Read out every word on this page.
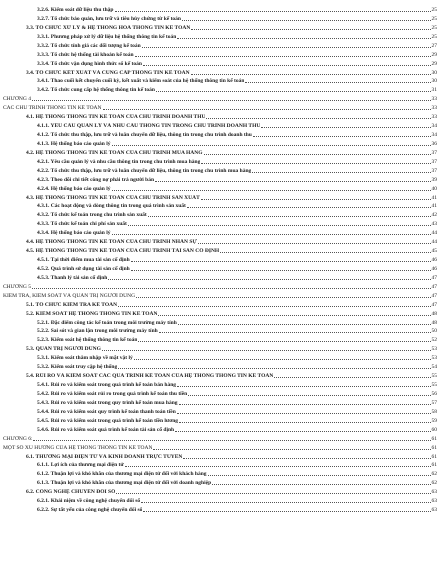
3.2.6. Kiểm soát dữ liệu thu thập	25
3.2.7. Tổ chức bảo quản, lưu trữ và tiêu hủy chứng từ kế toán	25
3.3. TỔ CHỨC XỬ LÝ & HỆ THỐNG HOÁ THÔNG TIN KẾ TOÁN	25
3.3.1. Phương pháp xử lý dữ liệu hệ thống thông tin kế toán	25
3.3.2. Tổ chức tính giá các đối tượng kế toán	27
3.3.3. Tổ chức hệ thống tài khoản kế toán	29
3.3.4. Tổ chức vận dụng hình thức sổ kế toán	29
3.4. TỔ CHỨC KẾT XUẤT VÀ CUNG CẤP THÔNG TIN KẾ TOÁN	30
3.4.1. Thao cuối kết chuyển cuối kỳ, kết xuất và kiểm soát của hệ thống thông tin kế toán	30
3.4.2. Tổ chức cung cấp hệ thống thông tin kế toán	31
CHƯƠNG 4	33
CÁC CHU TRÌNH THÔNG TIN KẾ TOÁN	33
4.1. HỆ THỐNG THÔNG TIN KẾ TOÁN CỦA CHU TRÌNH DOANH THU	33
4.1.1. YÊU CẦU QUẢN LÝ VÀ NHU CẦU THÔNG TIN TRONG CHU TRÌNH DOANH THU	34
4.1.2. Tổ chức thu thập, lưu trữ và luân chuyển dữ liệu, thông tin trong chu trình doanh thu	34
4.1.3. Hệ thống báo cáo quản lý	36
4.2. HỆ THỐNG THÔNG TIN KẾ TOÁN CỦA CHU TRÌNH MUA HÀNG	37
4.2.1. Yêu cầu quản lý và nhu cầu thông tin trong chu trình mua hàng	37
4.2.2. Tổ chức thu thập, lưu trữ và luân chuyển dữ liệu, thông tin trong chu trình mua hàng	37
4.2.3. Theo dõi chi tiết công nợ phải trả người bán	39
4.2.4. Hệ thống báo cáo quản lý	40
4.3. HỆ THỐNG THÔNG TIN KẾ TOÁN CỦA CHU TRÌNH SẢN XUẤT	41
4.3.1. Các hoạt động và dòng thông tin trong quá trình sản xuất	41
4.3.2. Tổ chức kế toán trong chu trình sản xuất	42
4.3.3. Tổ chức kế toán chi phí sản xuất	43
4.3.4. Hệ thống báo cáo quản lý	44
4.4. HỆ THỐNG THÔNG TIN KẾ TOÁN CỦA CHU TRÌNH NHÂN SỰ	44
4.5. HỆ THỐNG THÔNG TIN KẾ TOÁN CỦA CHU TRÌNH TÀI SẢN CỐ ĐỊNH	45
4.5.1. Tại thời điểm mua tài sản cố định	46
4.5.2. Quá trình sử dụng tài sản cố định	46
4.5.3. Thanh lý tài sản cố định	47
CHƯƠNG 5	47
KIỂM TRA, KIỂM SOÁT VÀ QUẢN TRỊ NGƯỜI DÙNG	47
5.1. TỔ CHỨC KIỂM TRA KẾ TOÁN	47
5.2. KIỂM SOÁT HỆ THỐNG THÔNG TIN KẾ TOÁN	48
5.2.1. Đặc điểm công tác kế toán trong môi trường máy tính	48
5.2.2. Sai sót và gian lận trong môi trường máy tính	50
5.2.3. Kiểm soát hệ thống thông tin kế toán	52
5.3. QUẢN TRỊ NGƯỜI DÙNG	53
5.3.1. Kiểm soát thâm nhập về mặt vật lý	53
5.3.2. Kiểm soát truy cập hệ thống	54
5.4. RỦI RO VÀ KIỂM SOÁT CÁC QUÁ TRÌNH KẾ TOÁN CỦA HỆ THỐNG THÔNG TIN KẾ TOÁN	55
5.4.1. Rủi ro và kiểm soát trong quá trình kế toán bán hàng	55
5.4.2. Rủi ro và kiểm soát rủi ro trong quá trình kế toán thu tiền	56
5.4.3. Rủi ro và kiểm soát trong quy trình kế toán mua hàng	57
5.4.4. Rủi ro và kiểm soát quy trình kế toán thanh toán tiền	58
5.4.5. Rủi ro và kiểm soát trong quá trình kế toán tiền lương	59
5.4.6. Rủi ro và kiểm soát quá trình kế toán tài sản cố định	60
CHƯƠNG 6:	61
MỘT SỐ XU HƯỚNG CỦA HỆ THỐNG THÔNG TIN KẾ TOÁN	61
6.1. THƯƠNG MẠI ĐIỆN TỬ VÀ KINH DOANH TRỰC TUYẾN	61
6.1.1. Lợi ích của thương mại điện tử	61
6.1.2. Thuận lợi và khó khăn của thương mại điện tử đối với khách hàng	62
6.1.3. Thuận lợi và khó khăn của thương mại điện tử đối với doanh nghiệp	62
6.2. CÔNG NGHỆ CHUYỂN ĐỔI SỐ	63
6.2.1. Khái niệm về công nghệ chuyển đổi số	63
6.2.2. Sự tất yếu của công nghệ chuyển đổi số	63
